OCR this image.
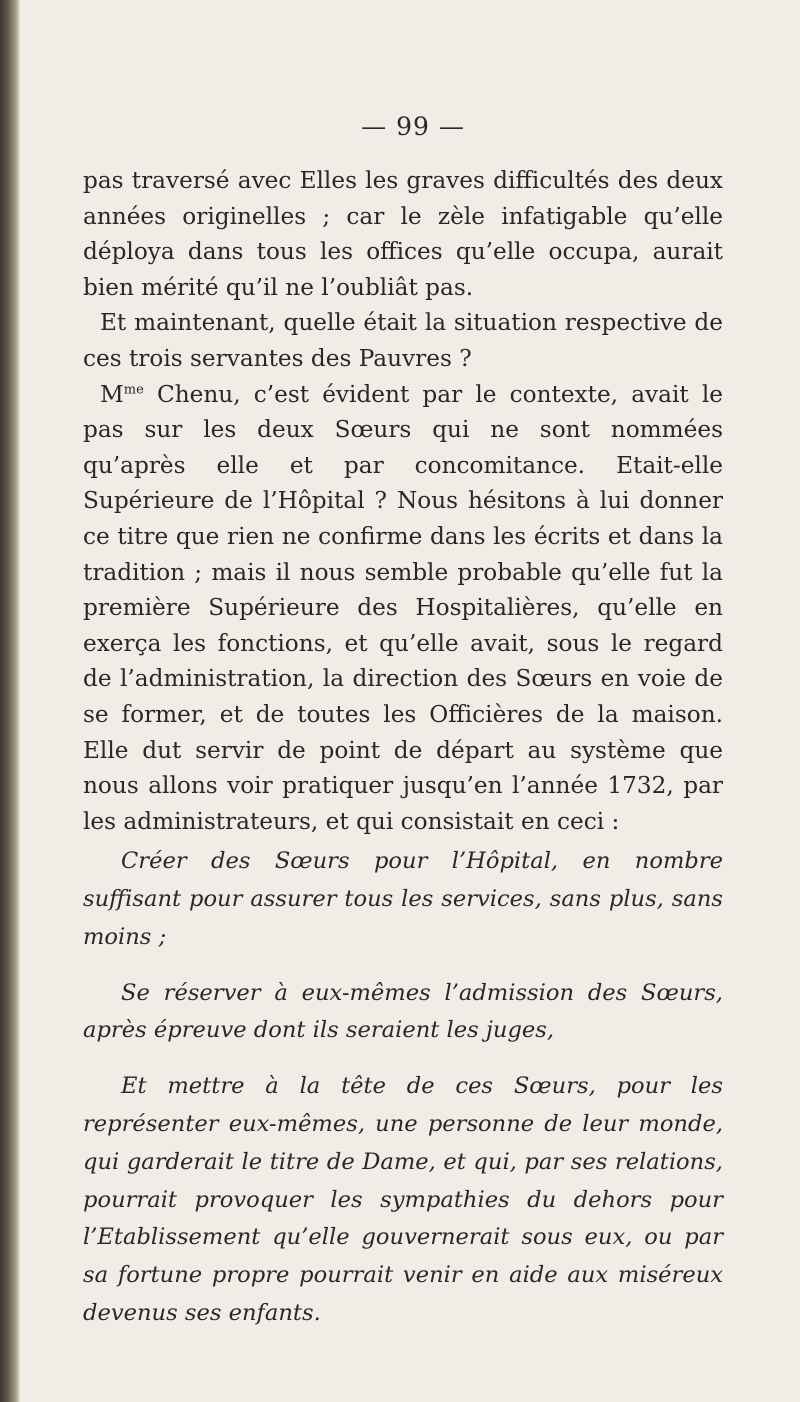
— 99 —

pas traversé avec Elles les graves difficultés des deux années originelles ; car le zèle infatigable qu’elle déploya dans tous les offices qu’elle occupa, aurait bien mérité qu’il ne l’oubliât pas.

Et maintenant, quelle était la situation respective de ces trois servantes des Pauvres ?

$M^{me}$ Chenu, c’est évident par le contexte, avait le pas sur les deux Sœurs qui ne sont nommées qu’après elle et par concomitance. Etait-elle Supérieure de l’Hôpital ? Nous hésitons à lui donner ce titre que rien ne confirme dans les écrits et dans la tradition ; mais il nous semble probable qu’elle fut la première Supérieure des Hospitalières, qu’elle en exerça les fonctions, et qu’elle avait, sous le regard de l’administration, la direction des Sœurs en voie de se former, et de toutes les Officières de la maison. Elle dut servir de point de départ au système que nous allons voir pratiquer jusqu’en l’année 1732, par les administrateurs, et qui consistait en ceci :

Créer des Sœurs pour l’Hôpital, en nombre suffisant pour assurer tous les services, sans plus, sans moins ;

Se réserver à eux-mêmes l’admission des Sœurs, après épreuve dont ils seraient les juges,

Et mettre à la tête de ces Sœurs, pour les représenter eux-mêmes, une personne de leur monde, qui garderait le titre de Dame, et qui, par ses relations, pourrait provoquer les sympathies du dehors pour l’Etablissement qu’elle gouvernerait sous eux, ou par sa fortune propre pourrait venir en aide aux miséreux devenus ses enfants.
